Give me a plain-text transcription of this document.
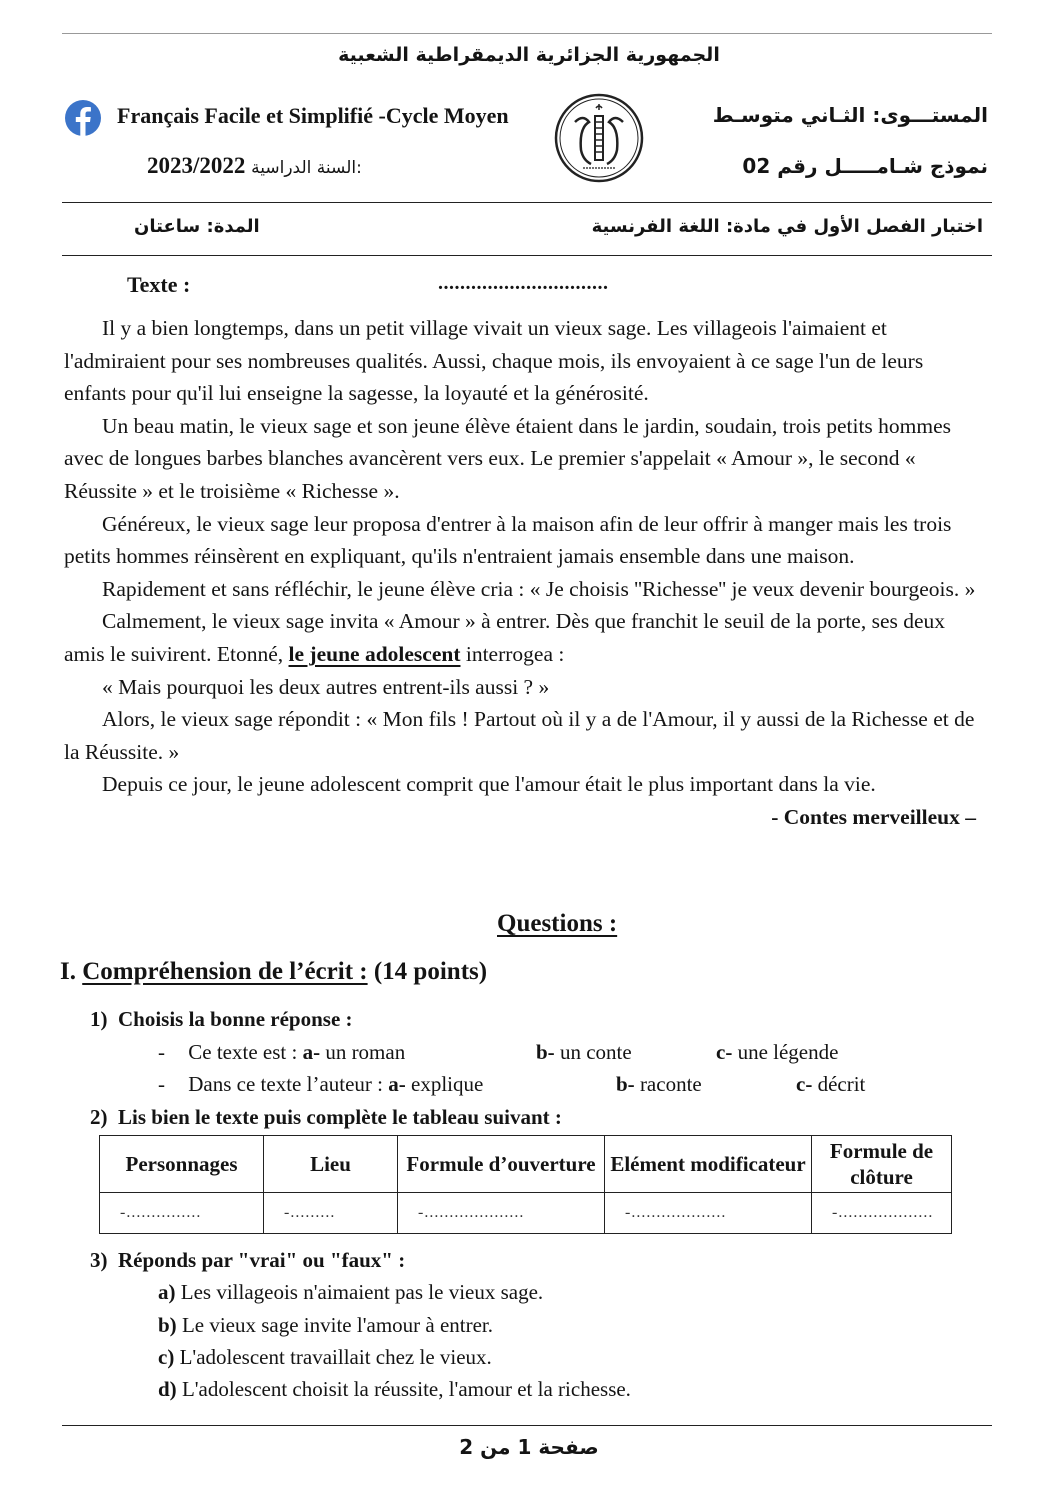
الجمهورية الجزائرية الديمقراطية الشعبية
Français Facile et Simplifié -Cycle Moyen	المستـــوى: الثـاني متوسـط
نموذج شـامـــــل رقم 02
2023/2022 السنة الدراسية:
اختبار الفصل الأول في مادة: اللغة الفرنسية
المدة: ساعتان
Texte :	...............................

Il y a bien longtemps, dans un petit village vivait un vieux sage. Les villageois l'aimaient et l'admiraient pour ses nombreuses qualités. Aussi, chaque mois, ils envoyaient à ce sage l'un de leurs enfants pour qu'il lui enseigne la sagesse, la loyauté et la générosité.

Un beau matin, le vieux sage et son jeune élève étaient dans le jardin, soudain, trois petits hommes avec de longues barbes blanches avancèrent vers eux. Le premier s'appelait « Amour », le second « Réussite » et le troisième « Richesse ».

Généreux, le vieux sage leur proposa d'entrer à la maison afin de leur offrir à manger mais les trois petits hommes réinsèrent en expliquant, qu'ils n'entraient jamais ensemble dans une maison.

Rapidement et sans réfléchir, le jeune élève cria : « Je choisis ''Richesse'' je veux devenir bourgeois. »

Calmement, le vieux sage invita « Amour » à entrer. Dès que franchit le seuil de la porte, ses deux amis le suivirent. Etonné, le jeune adolescent interrogea :

« Mais pourquoi les deux autres entrent-ils aussi ? »

Alors, le vieux sage répondit : « Mon fils ! Partout où il y a de l'Amour, il y aussi de la Richesse et de la Réussite. »

Depuis ce jour, le jeune adolescent comprit que l'amour était le plus important dans la vie.

- Contes merveilleux –

Questions :
I. Compréhension de l’écrit : (14 points)
1)  Choisis la bonne réponse :
- Ce texte est : a- un roman	b- un conte	c- une légende
- Dans ce texte l’auteur : a- explique	b- raconte	c- décrit
2)  Lis bien le texte puis complète le tableau suivant :
Personnages	Lieu	Formule d’ouverture	Elément modificateur	Formule de clôture
-...............	-.........	-....................	-...................	-...................
3)  Réponds par "vrai" ou "faux" :
a) Les villageois n'aimaient pas le vieux sage.
b) Le vieux sage invite l'amour à entrer.
c) L'adolescent travaillait chez le vieux.
d) L'adolescent choisit la réussite, l'amour et la richesse.
صفحة 1 من 2
